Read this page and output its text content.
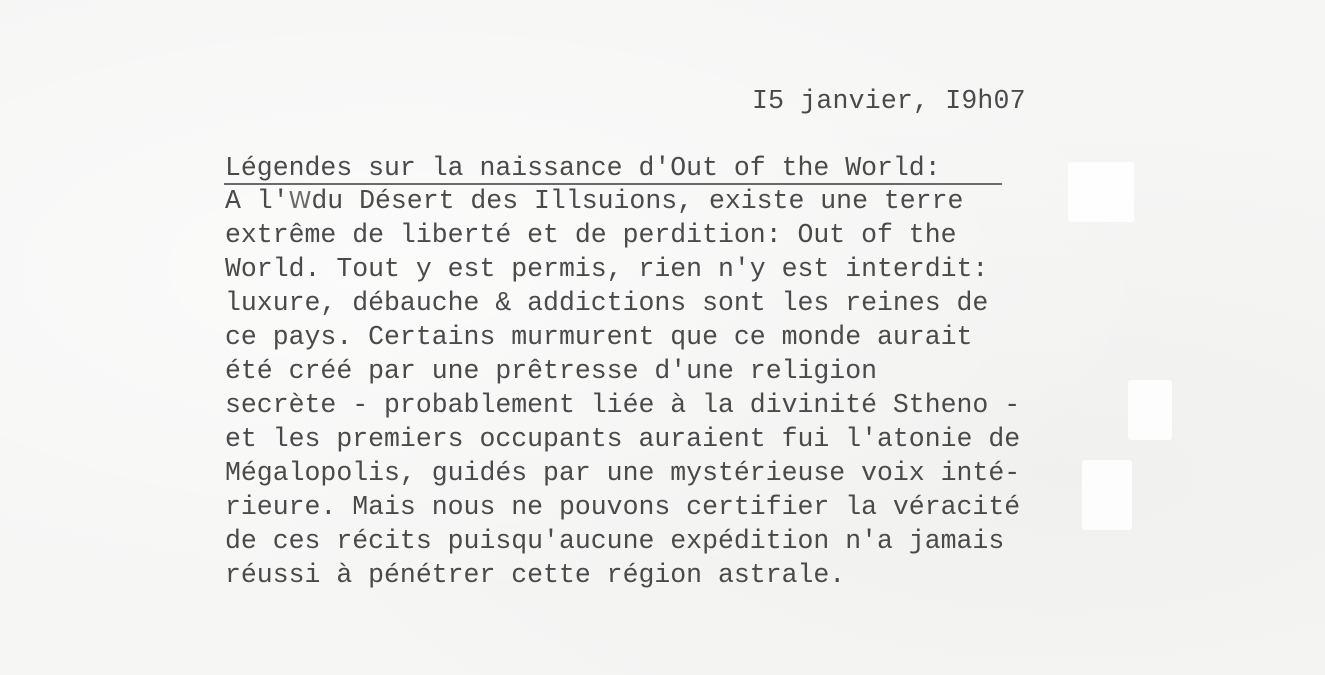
I5 janvier, I9h07
Légendes sur la naissance d'Out of the World:
A l'Wdu Désert des Illsuions, existe une terre
extrême de liberté et de perdition: Out of the
World. Tout y est permis, rien n'y est interdit:
luxure, débauche & addictions sont les reines de
ce pays. Certains murmurent que ce monde aurait
été créé par une prêtresse d'une religion
secrète - probablement liée à la divinité Stheno -
et les premiers occupants auraient fui l'atonie de
Mégalopolis, guidés par une mystérieuse voix inté-
rieure. Mais nous ne pouvons certifier la véracité
de ces récits puisqu'aucune expédition n'a jamais
réussi à pénétrer cette région astrale.
